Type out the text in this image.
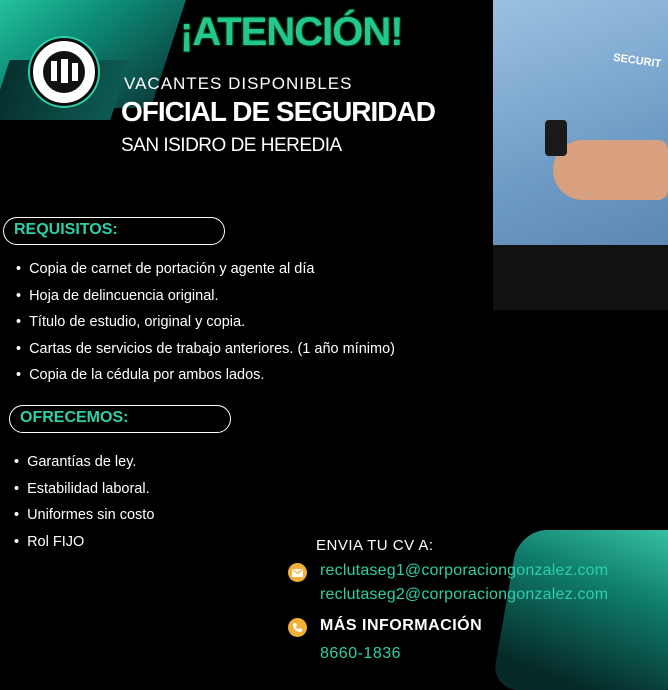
¡ATENCIÓN!
VACANTES DISPONIBLES
OFICIAL DE SEGURIDAD
SAN ISIDRO DE HEREDIA
SECURIT
REQUISITOS:
• Copia de carnet de portación y agente al día
• Hoja de delincuencia original.
• Título de estudio, original y copia.
• Cartas de servicios de trabajo anteriores. (1 año mínimo)
• Copia de la cédula por ambos lados.
OFRECEMOS:
• Garantías de ley.
• Estabilidad laboral.
• Uniformes sin costo
• Rol FIJO	ENVIA TU CV A:
reclutaseg1@corporaciongonzalez.com
reclutaseg2@corporaciongonzalez.com
MÁS INFORMACIÓN
8660-1836
